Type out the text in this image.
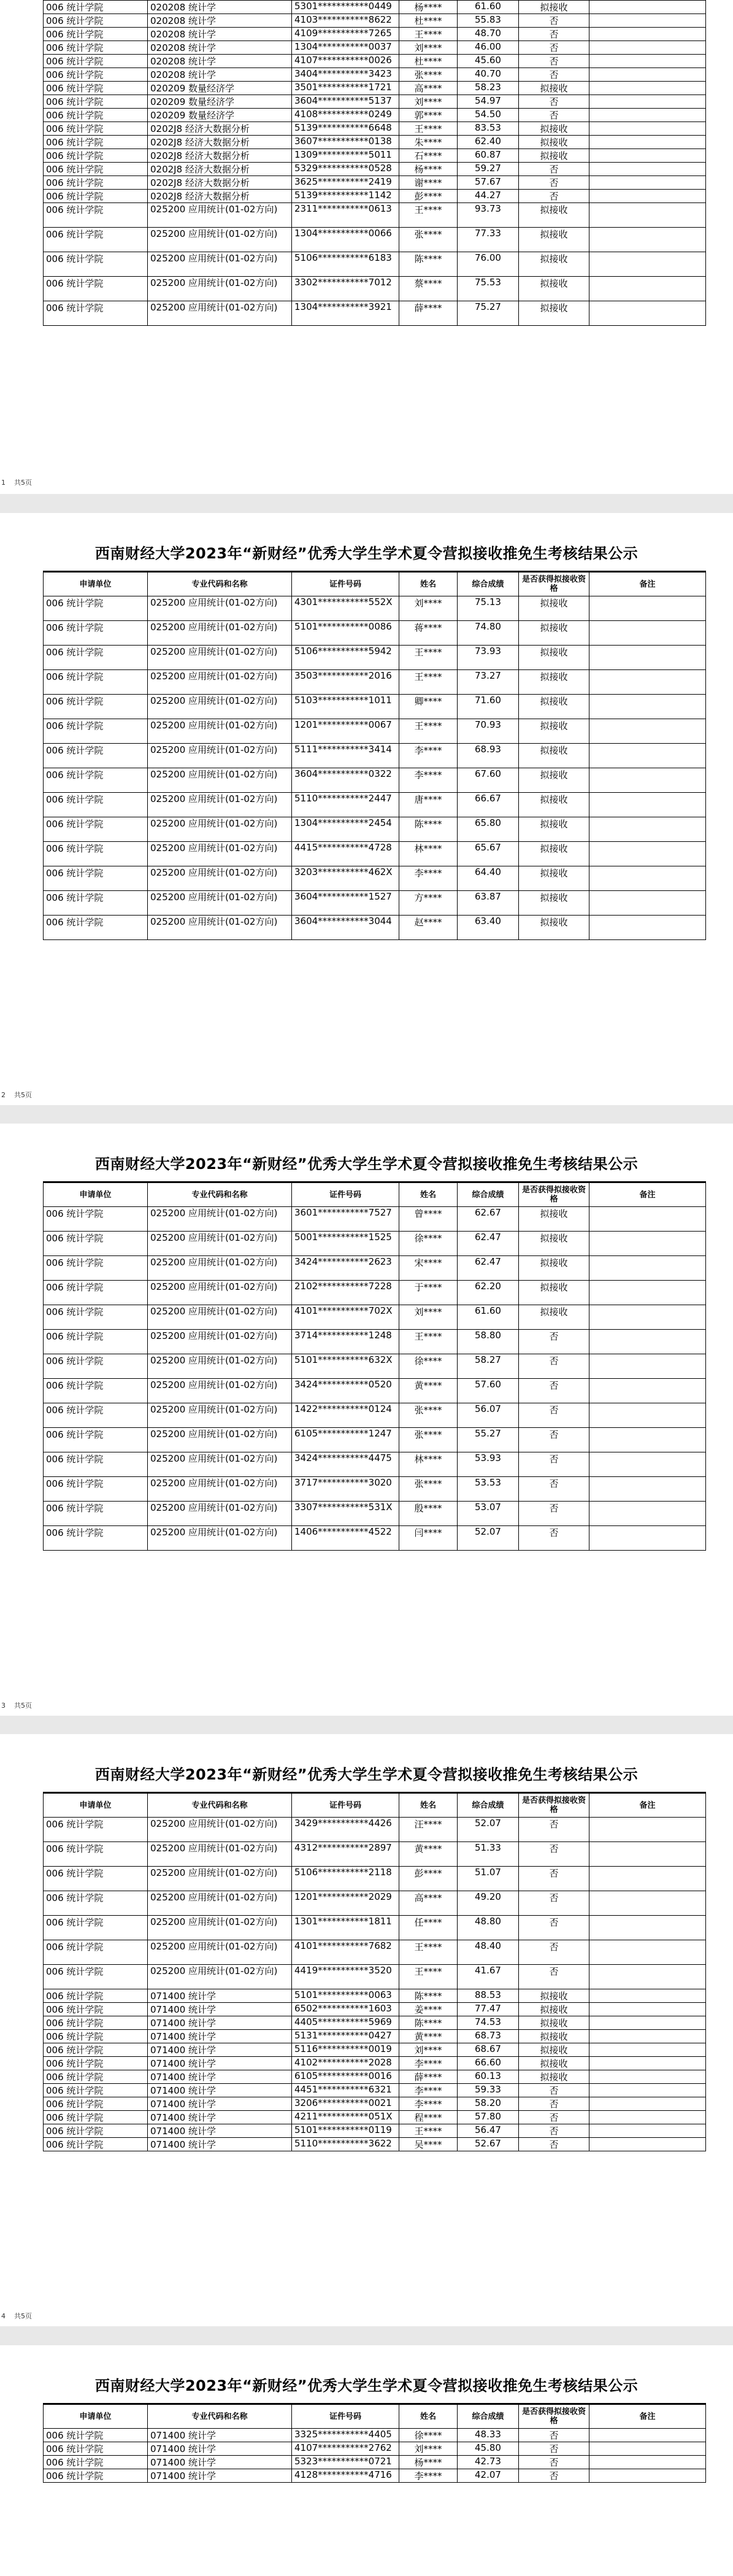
006 统计学院	020208 统计学	5301***********0449	杨****	61.60	拟接收	
006 统计学院	020208 统计学	4103***********8622	杜****	55.83	否	
006 统计学院	020208 统计学	4109***********7265	王****	48.70	否	
006 统计学院	020208 统计学	1304***********0037	刘****	46.00	否	
006 统计学院	020208 统计学	4107***********0026	杜****	45.60	否	
006 统计学院	020208 统计学	3404***********3423	张****	40.70	否	
006 统计学院	020209 数量经济学	3501***********1721	高****	58.23	拟接收	
006 统计学院	020209 数量经济学	3604***********5137	刘****	54.97	否	
006 统计学院	020209 数量经济学	4108***********0249	郭****	54.50	否	
006 统计学院	0202J8 经济大数据分析	5139***********6648	王****	83.53	拟接收	
006 统计学院	0202J8 经济大数据分析	3607***********0138	朱****	62.40	拟接收	
006 统计学院	0202J8 经济大数据分析	1309***********5011	石****	60.87	拟接收	
006 统计学院	0202J8 经济大数据分析	5329***********0528	杨****	59.27	否	
006 统计学院	0202J8 经济大数据分析	3625***********2419	谢****	57.67	否	
006 统计学院	0202J8 经济大数据分析	5139***********1142	彭****	44.27	否	
006 统计学院	025200 应用统计(01-02方向)	2311***********0613	王****	93.73	拟接收	
006 统计学院	025200 应用统计(01-02方向)	1304***********0066	张****	77.33	拟接收	
006 统计学院	025200 应用统计(01-02方向)	5106***********6183	陈****	76.00	拟接收	
006 统计学院	025200 应用统计(01-02方向)	3302***********7012	蔡****	75.53	拟接收	
006 统计学院	025200 应用统计(01-02方向)	1304***********3921	薛****	75.27	拟接收	
1 共5页
西南财经大学2023年“新财经”优秀大学生学术夏令营拟接收推免生考核结果公示
申请单位	专业代码和名称	证件号码	姓名	综合成绩	是否获得拟接收资格	备注
006 统计学院	025200 应用统计(01-02方向)	4301***********552X	刘****	75.13	拟接收	
006 统计学院	025200 应用统计(01-02方向)	5101***********0086	蒋****	74.80	拟接收	
006 统计学院	025200 应用统计(01-02方向)	5106***********5942	王****	73.93	拟接收	
006 统计学院	025200 应用统计(01-02方向)	3503***********2016	王****	73.27	拟接收	
006 统计学院	025200 应用统计(01-02方向)	5103***********1011	卿****	71.60	拟接收	
006 统计学院	025200 应用统计(01-02方向)	1201***********0067	王****	70.93	拟接收	
006 统计学院	025200 应用统计(01-02方向)	5111***********3414	李****	68.93	拟接收	
006 统计学院	025200 应用统计(01-02方向)	3604***********0322	李****	67.60	拟接收	
006 统计学院	025200 应用统计(01-02方向)	5110***********2447	唐****	66.67	拟接收	
006 统计学院	025200 应用统计(01-02方向)	1304***********2454	陈****	65.80	拟接收	
006 统计学院	025200 应用统计(01-02方向)	4415***********4728	林****	65.67	拟接收	
006 统计学院	025200 应用统计(01-02方向)	3203***********462X	李****	64.40	拟接收	
006 统计学院	025200 应用统计(01-02方向)	3604***********1527	方****	63.87	拟接收	
006 统计学院	025200 应用统计(01-02方向)	3604***********3044	赵****	63.40	拟接收	
2 共5页
西南财经大学2023年“新财经”优秀大学生学术夏令营拟接收推免生考核结果公示
申请单位	专业代码和名称	证件号码	姓名	综合成绩	是否获得拟接收资格	备注
006 统计学院	025200 应用统计(01-02方向)	3601***********7527	曾****	62.67	拟接收	
006 统计学院	025200 应用统计(01-02方向)	5001***********1525	徐****	62.47	拟接收	
006 统计学院	025200 应用统计(01-02方向)	3424***********2623	宋****	62.47	拟接收	
006 统计学院	025200 应用统计(01-02方向)	2102***********7228	于****	62.20	拟接收	
006 统计学院	025200 应用统计(01-02方向)	4101***********702X	刘****	61.60	拟接收	
006 统计学院	025200 应用统计(01-02方向)	3714***********1248	王****	58.80	否	
006 统计学院	025200 应用统计(01-02方向)	5101***********632X	徐****	58.27	否	
006 统计学院	025200 应用统计(01-02方向)	3424***********0520	黄****	57.60	否	
006 统计学院	025200 应用统计(01-02方向)	1422***********0124	张****	56.07	否	
006 统计学院	025200 应用统计(01-02方向)	6105***********1247	张****	55.27	否	
006 统计学院	025200 应用统计(01-02方向)	3424***********4475	林****	53.93	否	
006 统计学院	025200 应用统计(01-02方向)	3717***********3020	张****	53.53	否	
006 统计学院	025200 应用统计(01-02方向)	3307***********531X	殷****	53.07	否	
006 统计学院	025200 应用统计(01-02方向)	1406***********4522	闫****	52.07	否	
3 共5页
西南财经大学2023年“新财经”优秀大学生学术夏令营拟接收推免生考核结果公示
申请单位	专业代码和名称	证件号码	姓名	综合成绩	是否获得拟接收资格	备注
006 统计学院	025200 应用统计(01-02方向)	3429***********4426	汪****	52.07	否	
006 统计学院	025200 应用统计(01-02方向)	4312***********2897	黄****	51.33	否	
006 统计学院	025200 应用统计(01-02方向)	5106***********2118	彭****	51.07	否	
006 统计学院	025200 应用统计(01-02方向)	1201***********2029	高****	49.20	否	
006 统计学院	025200 应用统计(01-02方向)	1301***********1811	任****	48.80	否	
006 统计学院	025200 应用统计(01-02方向)	4101***********7682	王****	48.40	否	
006 统计学院	025200 应用统计(01-02方向)	4419***********3520	王****	41.67	否	
006 统计学院	071400 统计学	5101***********0063	陈****	88.53	拟接收	
006 统计学院	071400 统计学	6502***********1603	姜****	77.47	拟接收	
006 统计学院	071400 统计学	4405***********5969	陈****	74.53	拟接收	
006 统计学院	071400 统计学	5131***********0427	黄****	68.73	拟接收	
006 统计学院	071400 统计学	5116***********0019	刘****	68.67	拟接收	
006 统计学院	071400 统计学	4102***********2028	李****	66.60	拟接收	
006 统计学院	071400 统计学	6105***********0016	薛****	60.13	拟接收	
006 统计学院	071400 统计学	4451***********6321	李****	59.33	否	
006 统计学院	071400 统计学	3206***********0021	李****	58.20	否	
006 统计学院	071400 统计学	4211***********051X	程****	57.80	否	
006 统计学院	071400 统计学	5101***********0119	王****	56.47	否	
006 统计学院	071400 统计学	5110***********3622	吴****	52.67	否	
4 共5页
西南财经大学2023年“新财经”优秀大学生学术夏令营拟接收推免生考核结果公示
申请单位	专业代码和名称	证件号码	姓名	综合成绩	是否获得拟接收资格	备注
006 统计学院	071400 统计学	3325***********4405	徐****	48.33	否	
006 统计学院	071400 统计学	4107***********2762	刘****	45.80	否	
006 统计学院	071400 统计学	5323***********0721	杨****	42.73	否	
006 统计学院	071400 统计学	4128***********4716	李****	42.07	否	
